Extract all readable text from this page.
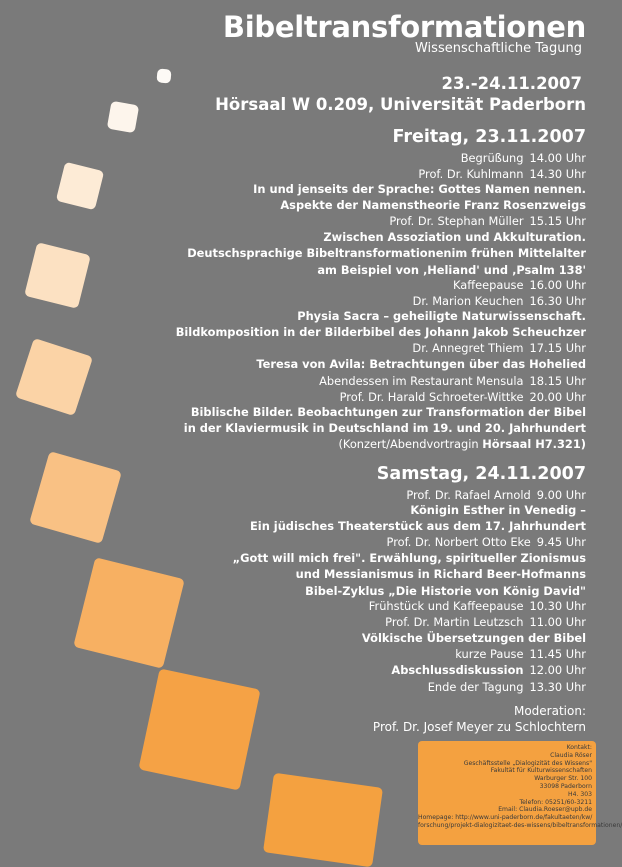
Bibeltransformationen
Wissenschaftliche Tagung
23.-24.11.2007
Hörsaal W 0.209, Universität Paderborn
Freitag, 23.11.2007
Begrüßung 14.00 Uhr
Prof. Dr. Kuhlmann 14.30 Uhr
In und jenseits der Sprache: Gottes Namen nennen.
Aspekte der Namenstheorie Franz Rosenzweigs
Prof. Dr. Stephan Müller 15.15 Uhr
Zwischen Assoziation und Akkulturation.
Deutschsprachige Bibeltransformationenim frühen Mittelalter
am Beispiel von ‚Heliand' und ‚Psalm 138'
Kaffeepause 16.00 Uhr
Dr. Marion Keuchen 16.30 Uhr
Physia Sacra – geheiligte Naturwissenschaft.
Bildkomposition in der Bilderbibel des Johann Jakob Scheuchzer
Dr. Annegret Thiem 17.15 Uhr
Teresa von Avila: Betrachtungen über das Hohelied
Abendessen im Restaurant Mensula 18.15 Uhr
Prof. Dr. Harald Schroeter-Wittke 20.00 Uhr
Biblische Bilder. Beobachtungen zur Transformation der Bibel
in der Klaviermusik in Deutschland im 19. und 20. Jahrhundert
(Konzert/Abendvortragin Hörsaal H7.321)
Samstag, 24.11.2007
Prof. Dr. Rafael Arnold 9.00 Uhr
Königin Esther in Venedig –
Ein jüdisches Theaterstück aus dem 17. Jahrhundert
Prof. Dr. Norbert Otto Eke 9.45 Uhr
„Gott will mich frei". Erwählung, spiritueller Zionismus
und Messianismus in Richard Beer-Hofmanns
Bibel-Zyklus „Die Historie von König David"
Frühstück und Kaffeepause 10.30 Uhr
Prof. Dr. Martin Leutzsch 11.00 Uhr
Völkische Übersetzungen der Bibel
kurze Pause 11.45 Uhr
Abschlussdiskussion 12.00 Uhr
Ende der Tagung 13.30 Uhr
Moderation:
Prof. Dr. Josef Meyer zu Schlochtern
Kontakt:
Claudia Röser
Geschäftsstelle „Dialogizität des Wissens"
Fakultät für Kulturwissenschaften
Warburger Str. 100
33098 Paderborn
H4. 303
Telefon: 05251/60-3211
Email: Claudia.Roeser@upb.de
Homepage: http://www.uni-paderborn.de/fakultaeten/kw/
forschung/projekt-dialogizitaet-des-wissens/bibeltransformationen/
